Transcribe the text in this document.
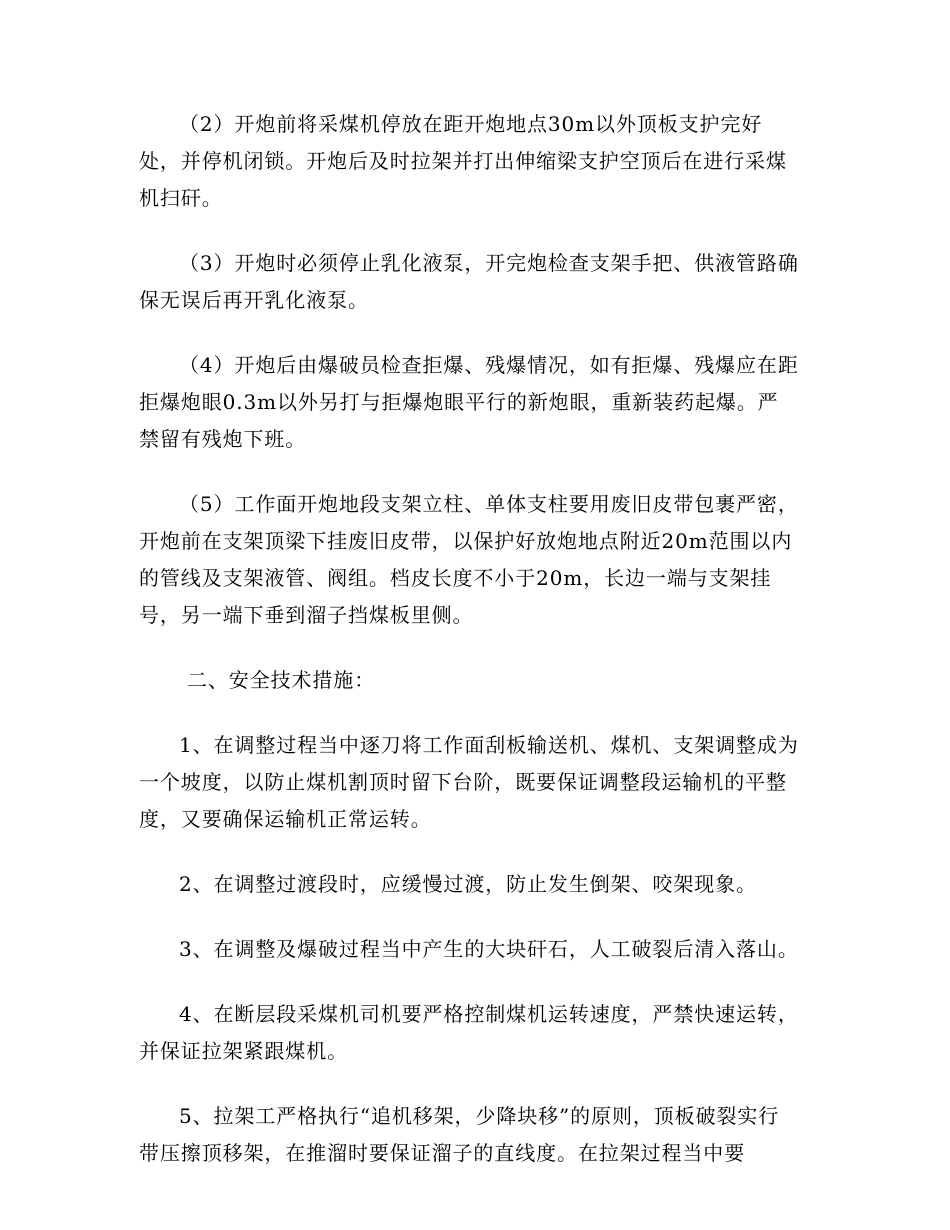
（2）开炮前将采煤机停放在距开炮地点30m以外顶板支护完好处，并停机闭锁。开炮后及时拉架并打出伸缩梁支护空顶后在进行采煤机扫矸。

（3）开炮时必须停止乳化液泵，开完炮检查支架手把、供液管路确保无误后再开乳化液泵。

（4）开炮后由爆破员检查拒爆、残爆情况，如有拒爆、残爆应在距拒爆炮眼0.3m以外另打与拒爆炮眼平行的新炮眼，重新装药起爆。严禁留有残炮下班。

（5）工作面开炮地段支架立柱、单体支柱要用废旧皮带包裹严密，开炮前在支架顶梁下挂废旧皮带，以保护好放炮地点附近20m范围以内的管线及支架液管、阀组。档皮长度不小于20m，长边一端与支架挂号，另一端下垂到溜子挡煤板里侧。

二、安全技术措施：

1、在调整过程当中逐刀将工作面刮板输送机、煤机、支架调整成为一个坡度，以防止煤机割顶时留下台阶，既要保证调整段运输机的平整度，又要确保运输机正常运转。

2、在调整过渡段时，应缓慢过渡，防止发生倒架、咬架现象。

3、在调整及爆破过程当中产生的大块矸石，人工破裂后清入落山。

4、在断层段采煤机司机要严格控制煤机运转速度，严禁快速运转，并保证拉架紧跟煤机。

5、拉架工严格执行“追机移架，少降块移”的原则，顶板破裂实行带压擦顶移架，在推溜时要保证溜子的直线度。在拉架过程当中要
